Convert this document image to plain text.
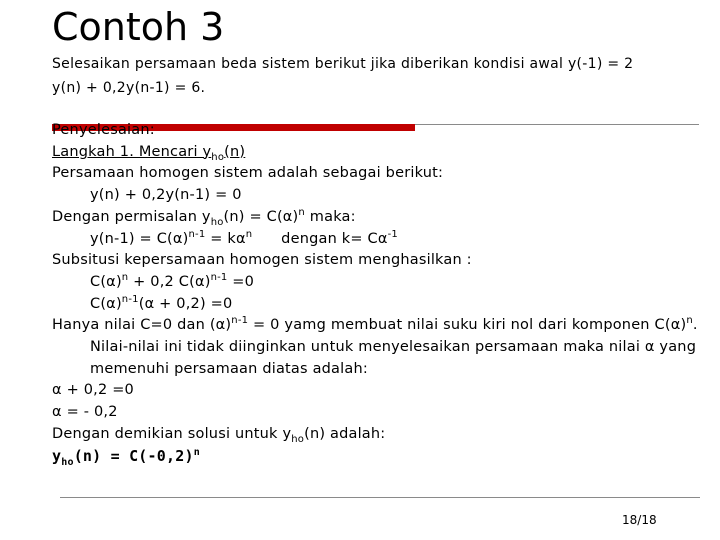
Contoh 3
Selesaikan persamaan beda sistem berikut jika diberikan kondisi awal y(-1) = 2
y(n) + 0,2y(n-1) = 6.
Penyelesaian:
Langkah 1. Mencari $y_{ho}(n)$
Persamaan homogen sistem adalah sebagai berikut:
y(n) + 0,2y(n-1) = 0
Dengan permisalan $y_{ho}(n) = C(\alpha)^n$ maka:
$y(n-1) = C(\alpha)^{n-1} = k\alpha^n$      dengan $k= C\alpha^{-1}$
Subsitusi kepersamaan homogen sistem menghasilkan :
$C(\alpha)^n + 0,2$ $C(\alpha)^{n-1} =0$
$C(\alpha)^{n-1}(\alpha + 0,2) =0$
Hanya nilai C=0 dan $(\alpha)^{n-1} = 0$ yamg membuat nilai suku kiri nol dari komponen $C(\alpha)^n$. Nilai-nilai ini tidak diinginkan untuk menyelesaikan persamaan maka nilai α yang memenuhi persamaan diatas adalah:
α + 0,2 =0
α = - 0,2
Dengan demikian solusi untuk $y_{ho}(n)$ adalah:
$y_{ho}(n) = C(-0,2)^n$
18/18
